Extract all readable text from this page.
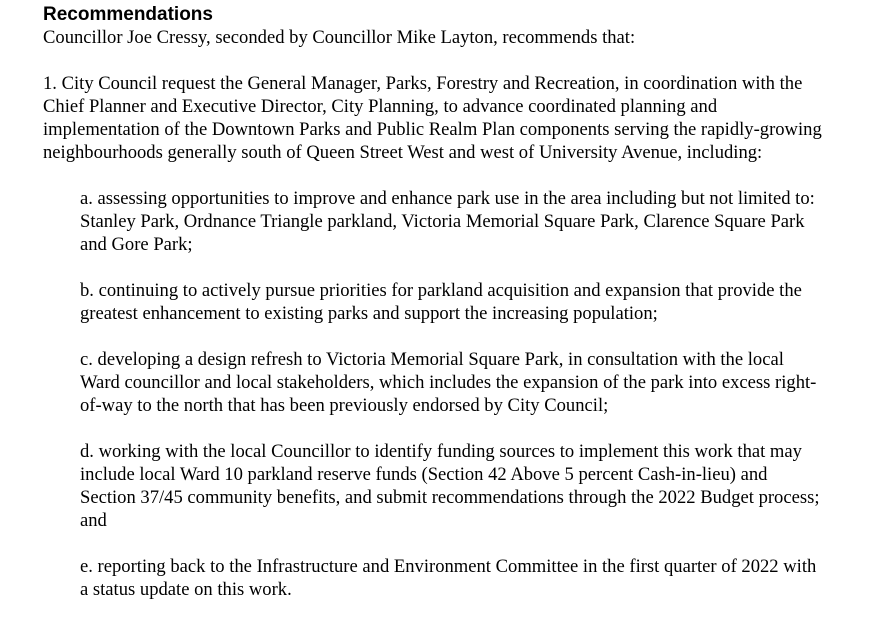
Recommendations

Councillor Joe Cressy, seconded by Councillor Mike Layton, recommends that:

1. City Council request the General Manager, Parks, Forestry and Recreation, in coordination with the Chief Planner and Executive Director, City Planning, to advance coordinated planning and implementation of the Downtown Parks and Public Realm Plan components serving the rapidly-growing neighbourhoods generally south of Queen Street West and west of University Avenue, including:

a. assessing opportunities to improve and enhance park use in the area including but not limited to: Stanley Park, Ordnance Triangle parkland, Victoria Memorial Square Park, Clarence Square Park and Gore Park;

b. continuing to actively pursue priorities for parkland acquisition and expansion that provide the greatest enhancement to existing parks and support the increasing population;

c. developing a design refresh to Victoria Memorial Square Park, in consultation with the local Ward councillor and local stakeholders, which includes the expansion of the park into excess right-of-way to the north that has been previously endorsed by City Council;

d. working with the local Councillor to identify funding sources to implement this work that may include local Ward 10 parkland reserve funds (Section 42 Above 5 percent Cash-in-lieu) and Section 37/45 community benefits, and submit recommendations through the 2022 Budget process; and

e. reporting back to the Infrastructure and Environment Committee in the first quarter of 2022 with a status update on this work.
